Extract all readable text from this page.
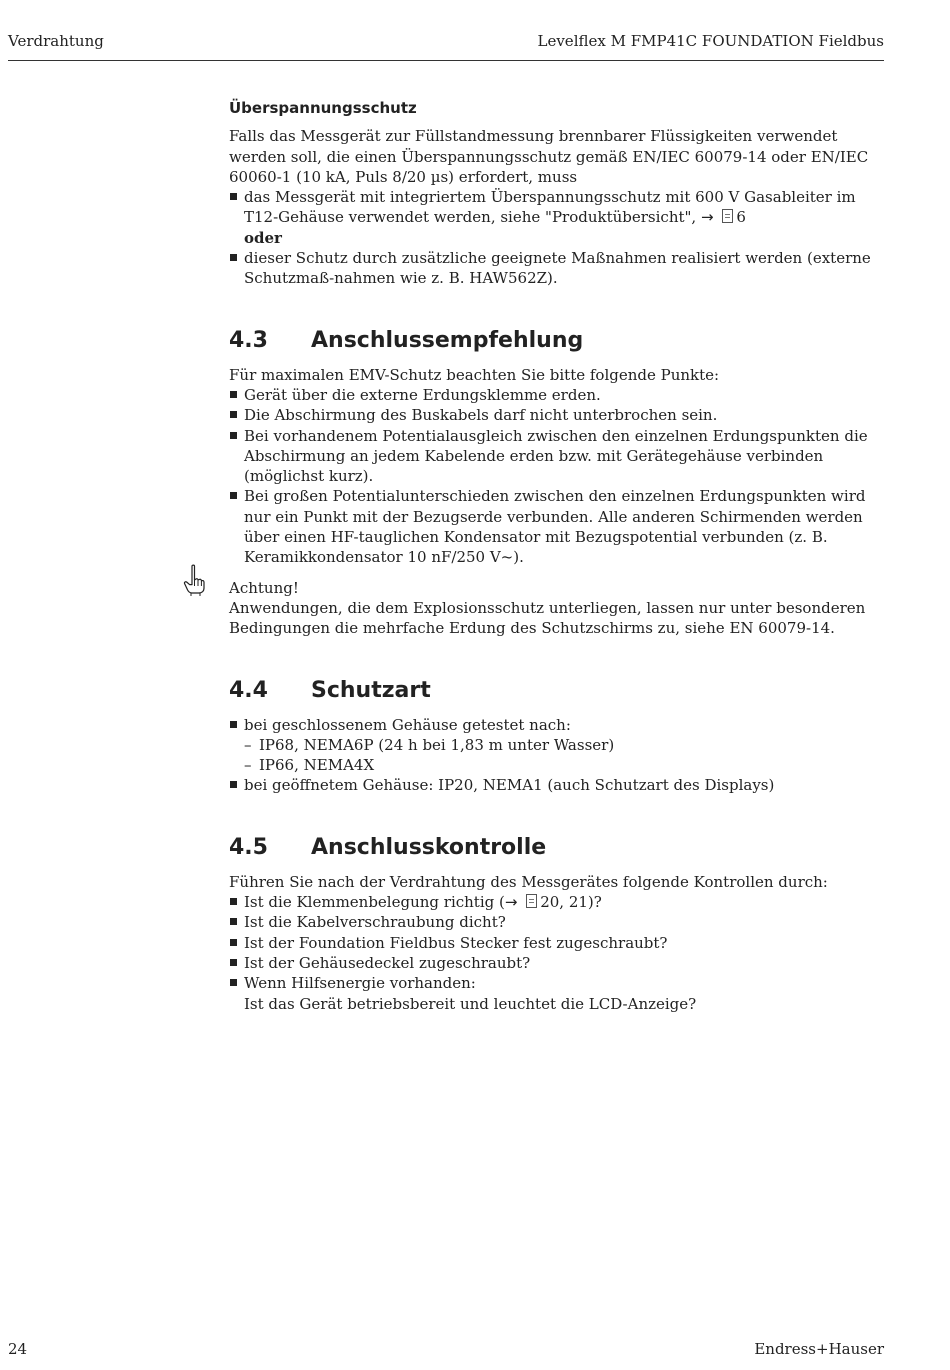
Verdrahtung	Levelflex M FMP41C FOUNDATION Fieldbus
Überspannungsschutz

Falls das Messgerät zur Füllstandmessung brennbarer Flüssigkeiten verwendet werden soll, die einen Überspannungsschutz gemäß EN/IEC 60079-14 oder EN/IEC 60060-1 (10 kA, Puls 8/20 µs) erfordert, muss

das Messgerät mit integriertem Überspannungsschutz mit 600 V Gasableiter im T12-Gehäuse verwendet werden, siehe "Produktübersicht", → 6
oder
dieser Schutz durch zusätzliche geeignete Maßnahmen realisiert werden (externe Schutzmaß-nahmen wie z. B. HAW562Z).
4.3	Anschlussempfehlung

Für maximalen EMV-Schutz beachten Sie bitte folgende Punkte:

Gerät über die externe Erdungsklemme erden.
Die Abschirmung des Buskabels darf nicht unterbrochen sein.
Bei vorhandenem Potentialausgleich zwischen den einzelnen Erdungspunkten die Abschirmung an jedem Kabelende erden bzw. mit Gerätegehäuse verbinden (möglichst kurz).
Bei großen Potentialunterschieden zwischen den einzelnen Erdungspunkten wird nur ein Punkt mit der Bezugserde verbunden. Alle anderen Schirmenden werden über einen HF-tauglichen Kondensator mit Bezugspotential verbunden (z. B. Keramikkondensator 10 nF/250 V~).

Achtung!

Anwendungen, die dem Explosionsschutz unterliegen, lassen nur unter besonderen Bedingungen die mehrfache Erdung des Schutzschirms zu, siehe EN 60079-14.

4.4	Schutzart
bei geschlossenem Gehäuse getestet nach:
– IP68, NEMA6P (24 h bei 1,83 m unter Wasser)
– IP66, NEMA4X
bei geöffnetem Gehäuse: IP20, NEMA1 (auch Schutzart des Displays)
4.5	Anschlusskontrolle

Führen Sie nach der Verdrahtung des Messgerätes folgende Kontrollen durch:

Ist die Klemmenbelegung richtig (→ 20, 21)?
Ist die Kabelverschraubung dicht?
Ist der Foundation Fieldbus Stecker fest zugeschraubt?
Ist der Gehäusedeckel zugeschraubt?
Wenn Hilfsenergie vorhanden:
Ist das Gerät betriebsbereit und leuchtet die LCD-Anzeige?
24	Endress+Hauser
